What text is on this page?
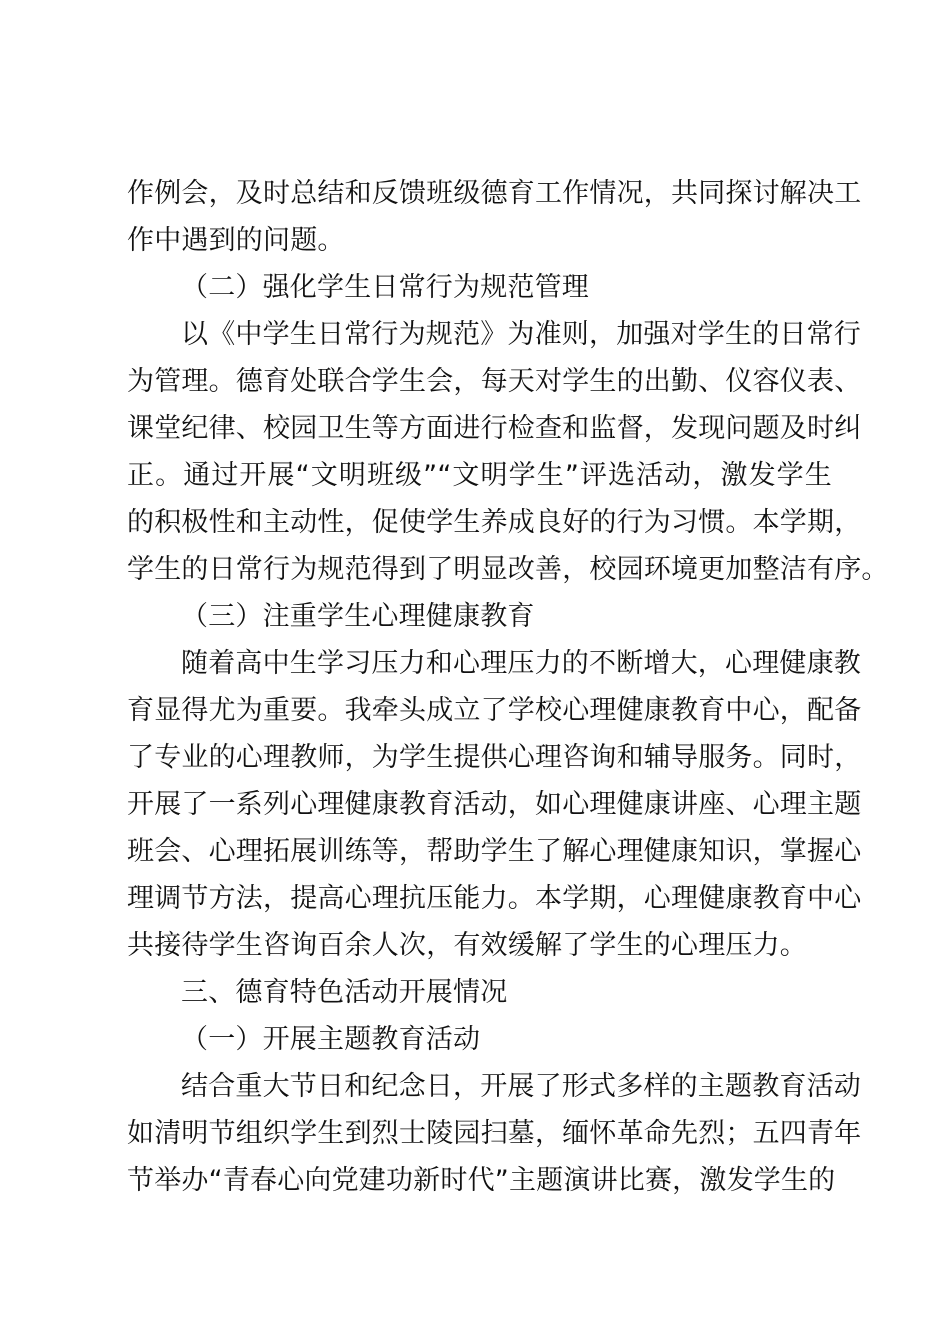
作例会，及时总结和反馈班级德育工作情况，共同探讨解决工
作中遇到的问题。
（二）强化学生日常行为规范管理
以《中学生日常行为规范》为准则，加强对学生的日常行
为管理。德育处联合学生会，每天对学生的出勤、仪容仪表、
课堂纪律、校园卫生等方面进行检查和监督，发现问题及时纠
正。通过开展“文明班级”“文明学生”评选活动，激发学生
的积极性和主动性，促使学生养成良好的行为习惯。本学期，
学生的日常行为规范得到了明显改善，校园环境更加整洁有序。
（三）注重学生心理健康教育
随着高中生学习压力和心理压力的不断增大，心理健康教
育显得尤为重要。我牵头成立了学校心理健康教育中心，配备
了专业的心理教师，为学生提供心理咨询和辅导服务。同时，
开展了一系列心理健康教育活动，如心理健康讲座、心理主题
班会、心理拓展训练等，帮助学生了解心理健康知识，掌握心
理调节方法，提高心理抗压能力。本学期，心理健康教育中心
共接待学生咨询百余人次，有效缓解了学生的心理压力。
三、德育特色活动开展情况
（一）开展主题教育活动
结合重大节日和纪念日，开展了形式多样的主题教育活动
如清明节组织学生到烈士陵园扫墓，缅怀革命先烈；五四青年
节举办“青春心向党建功新时代”主题演讲比赛，激发学生的
